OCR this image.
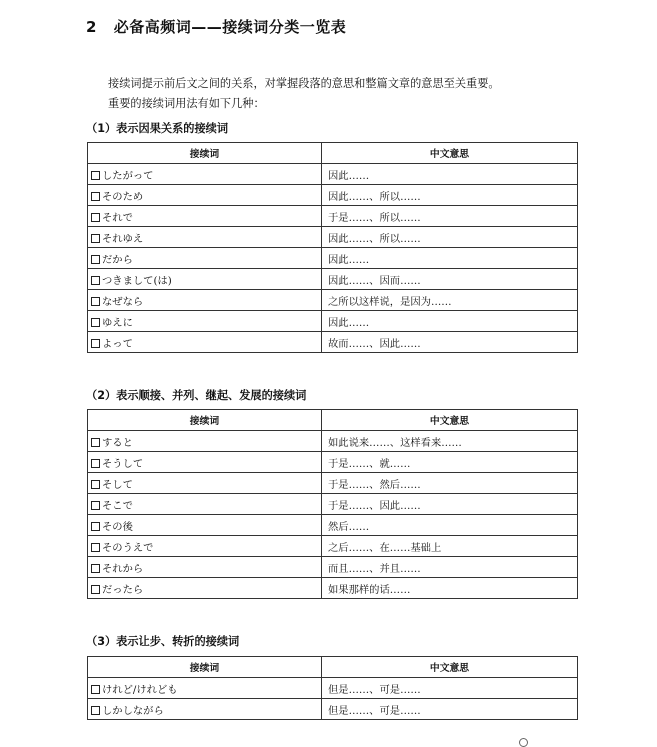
2 必备高频词——接续词分类一览表
接续词提示前后文之间的关系，对掌握段落的意思和整篇文章的意思至关重要。
重要的接续词用法有如下几种：
（1）表示因果关系的接续词
接续词	中文意思
したがって	因此……
そのため	因此……、所以……
それで	于是……、所以……
それゆえ	因此……、所以……
だから	因此……
つきまして(は)	因此……、因而……
なぜなら	之所以这样说，是因为……
ゆえに	因此……
よって	故而……、因此……
（2）表示顺接、并列、继起、发展的接续词
接续词	中文意思
すると	如此说来……、这样看来……
そうして	于是……、就……
そして	于是……、然后……
そこで	于是……、因此……
その後	然后……
そのうえで	之后……、在……基础上
それから	而且……、并且……
だったら	如果那样的话……
（3）表示让步、转折的接续词
接续词	中文意思
けれど/けれども	但是……、可是……
しかしながら	但是……、可是……
